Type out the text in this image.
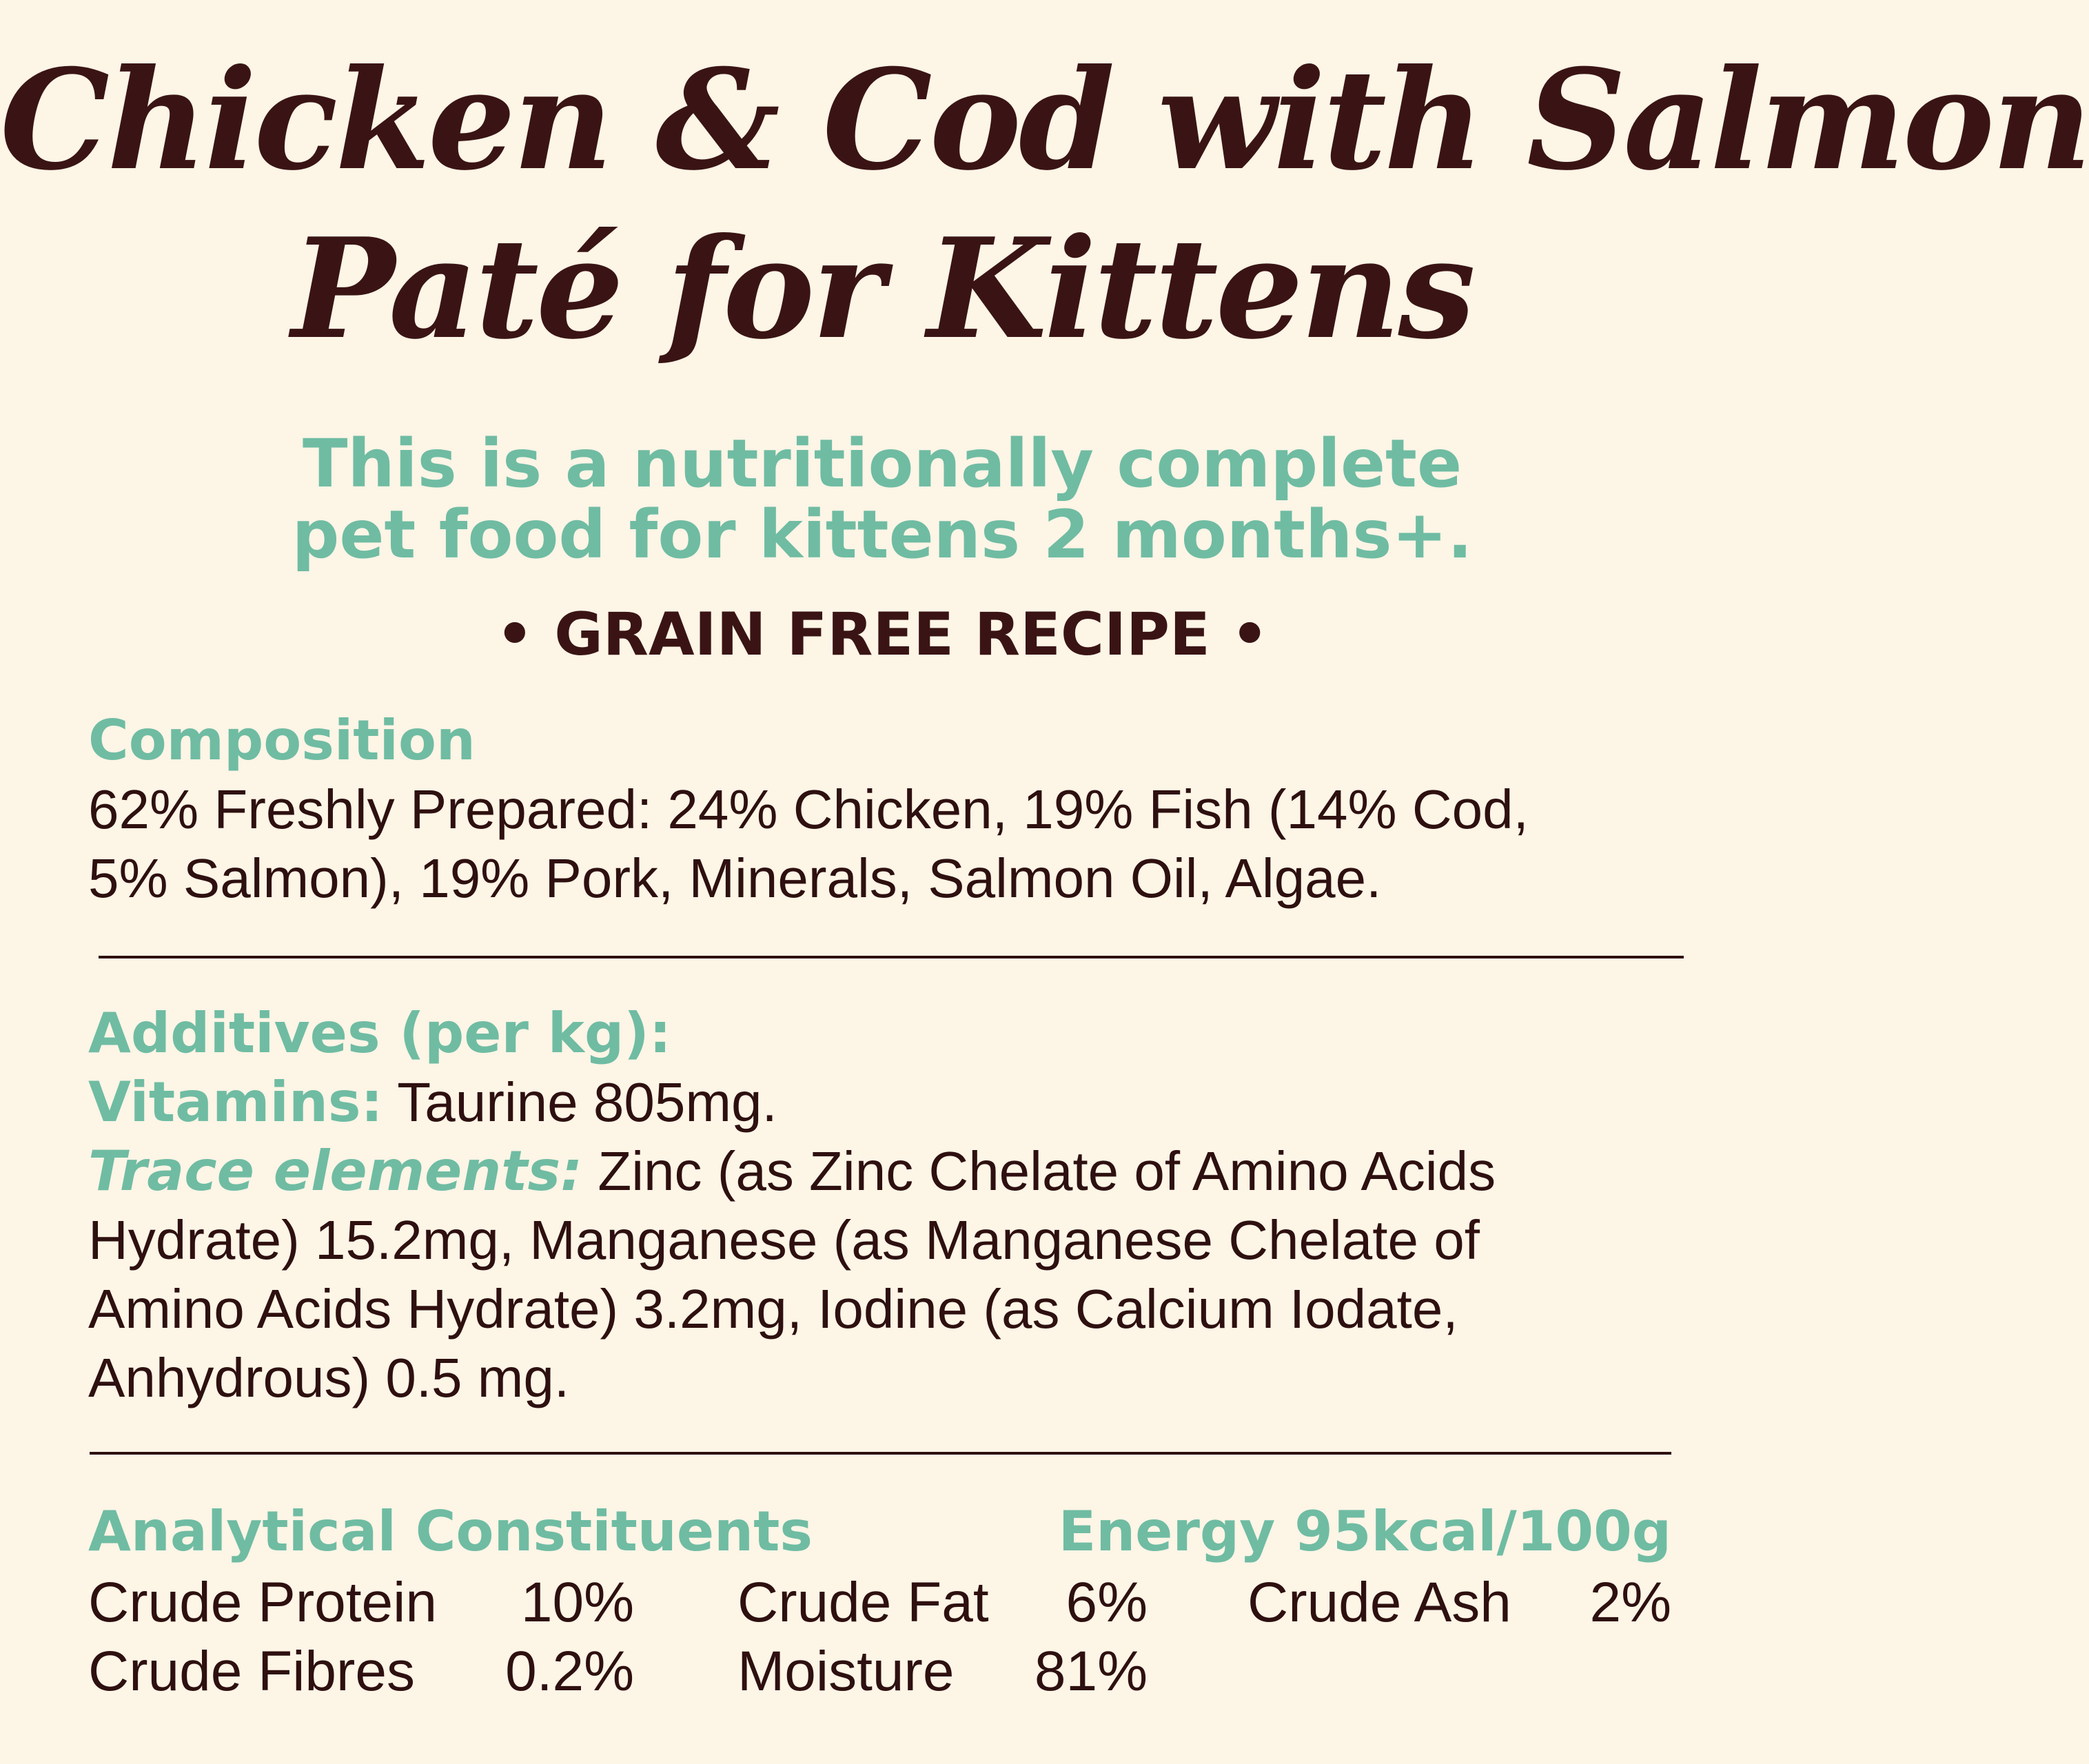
Chicken & Cod with Salmon
Paté for Kittens
This is a nutritionally complete
pet food for kittens 2 months+.
• GRAIN FREE RECIPE •
Composition
62% Freshly Prepared: 24% Chicken, 19% Fish (14% Cod,
5% Salmon), 19% Pork, Minerals, Salmon Oil, Algae.
Additives (per kg):
Vitamins: Taurine 805mg.
Trace elements: Zinc (as Zinc Chelate of Amino Acids
Hydrate) 15.2mg, Manganese (as Manganese Chelate of
Amino Acids Hydrate) 3.2mg, Iodine (as Calcium Iodate,
Anhydrous) 0.5 mg.
Analytical Constituents	Energy 95kcal/100g
Crude Protein	10% Crude Fat	6% Crude Ash	2%
Crude Fibres 0.2% Moisture	81%
